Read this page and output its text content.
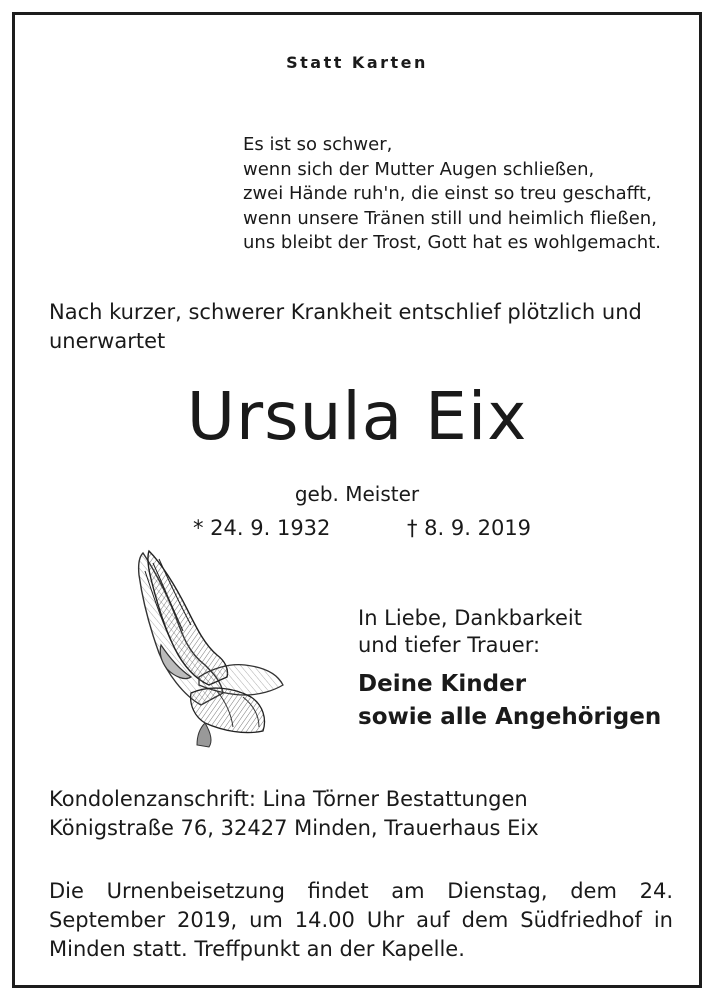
Statt Karten
Es ist so schwer,
wenn sich der Mutter Augen schließen,
zwei Hände ruh'n, die einst so treu geschafft,
wenn unsere Tränen still und heimlich fließen,
uns bleibt der Trost, Gott hat es wohlgemacht.
Nach kurzer, schwerer Krankheit entschlief plötzlich und unerwartet
Ursula Eix
geb. Meister
* 24. 9. 1932	† 8. 9. 2019
In Liebe, Dankbarkeit
und tiefer Trauer:
Deine Kinder
sowie alle Angehörigen
Kondolenzanschrift: Lina Törner Bestattungen
Königstraße 76, 32427 Minden, Trauerhaus Eix
Die Urnenbeisetzung findet am Dienstag, dem 24. September 2019, um 14.00 Uhr auf dem Südfriedhof in Minden statt. Treffpunkt an der Kapelle.
